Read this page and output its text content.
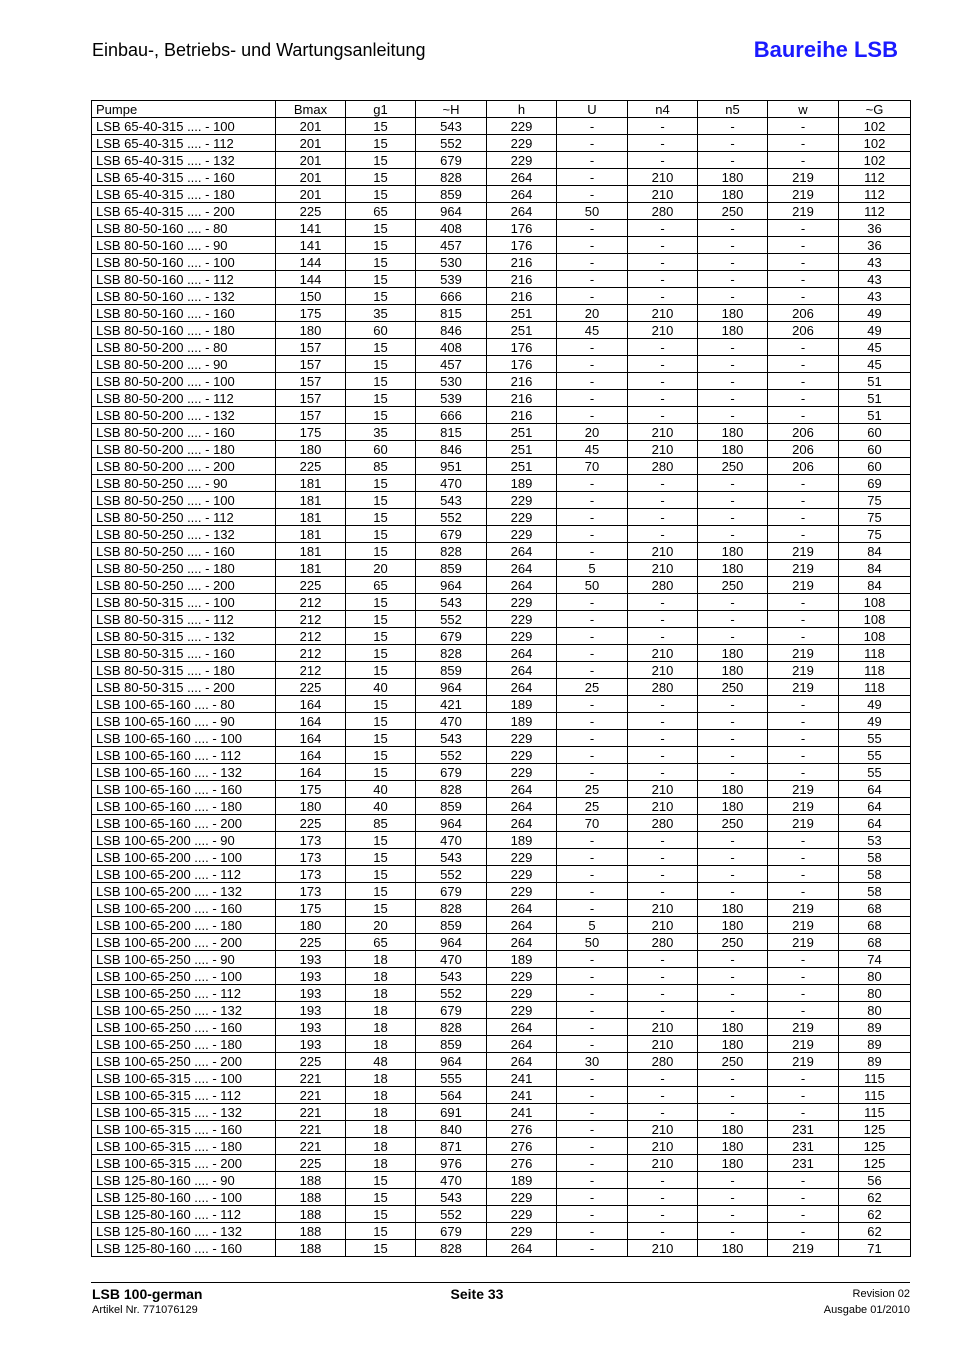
Einbau-, Betriebs- und Wartungsanleitung	Baureihe LSB
Pumpe	Bmax	g1	~H	h	U	n4	n5	w	~G
LSB 65-40-315 .... - 100	201	15	543	229	-	-	-	-	102
LSB 65-40-315 .... - 112	201	15	552	229	-	-	-	-	102
LSB 65-40-315 .... - 132	201	15	679	229	-	-	-	-	102
LSB 65-40-315 .... - 160	201	15	828	264	-	210	180	219	112
LSB 65-40-315 .... - 180	201	15	859	264	-	210	180	219	112
LSB 65-40-315 .... - 200	225	65	964	264	50	280	250	219	112
LSB 80-50-160 .... - 80	141	15	408	176	-	-	-	-	36
LSB 80-50-160 .... - 90	141	15	457	176	-	-	-	-	36
LSB 80-50-160 .... - 100	144	15	530	216	-	-	-	-	43
LSB 80-50-160 .... - 112	144	15	539	216	-	-	-	-	43
LSB 80-50-160 .... - 132	150	15	666	216	-	-	-	-	43
LSB 80-50-160 .... - 160	175	35	815	251	20	210	180	206	49
LSB 80-50-160 .... - 180	180	60	846	251	45	210	180	206	49
LSB 80-50-200 .... - 80	157	15	408	176	-	-	-	-	45
LSB 80-50-200 .... - 90	157	15	457	176	-	-	-	-	45
LSB 80-50-200 .... - 100	157	15	530	216	-	-	-	-	51
LSB 80-50-200 .... - 112	157	15	539	216	-	-	-	-	51
LSB 80-50-200 .... - 132	157	15	666	216	-	-	-	-	51
LSB 80-50-200 .... - 160	175	35	815	251	20	210	180	206	60
LSB 80-50-200 .... - 180	180	60	846	251	45	210	180	206	60
LSB 80-50-200 .... - 200	225	85	951	251	70	280	250	206	60
LSB 80-50-250 .... - 90	181	15	470	189	-	-	-	-	69
LSB 80-50-250 .... - 100	181	15	543	229	-	-	-	-	75
LSB 80-50-250 .... - 112	181	15	552	229	-	-	-	-	75
LSB 80-50-250 .... - 132	181	15	679	229	-	-	-	-	75
LSB 80-50-250 .... - 160	181	15	828	264	-	210	180	219	84
LSB 80-50-250 .... - 180	181	20	859	264	5	210	180	219	84
LSB 80-50-250 .... - 200	225	65	964	264	50	280	250	219	84
LSB 80-50-315 .... - 100	212	15	543	229	-	-	-	-	108
LSB 80-50-315 .... - 112	212	15	552	229	-	-	-	-	108
LSB 80-50-315 .... - 132	212	15	679	229	-	-	-	-	108
LSB 80-50-315 .... - 160	212	15	828	264	-	210	180	219	118
LSB 80-50-315 .... - 180	212	15	859	264	-	210	180	219	118
LSB 80-50-315 .... - 200	225	40	964	264	25	280	250	219	118
LSB 100-65-160 .... - 80	164	15	421	189	-	-	-	-	49
LSB 100-65-160 .... - 90	164	15	470	189	-	-	-	-	49
LSB 100-65-160 .... - 100	164	15	543	229	-	-	-	-	55
LSB 100-65-160 .... - 112	164	15	552	229	-	-	-	-	55
LSB 100-65-160 .... - 132	164	15	679	229	-	-	-	-	55
LSB 100-65-160 .... - 160	175	40	828	264	25	210	180	219	64
LSB 100-65-160 .... - 180	180	40	859	264	25	210	180	219	64
LSB 100-65-160 .... - 200	225	85	964	264	70	280	250	219	64
LSB 100-65-200 .... - 90	173	15	470	189	-	-	-	-	53
LSB 100-65-200 .... - 100	173	15	543	229	-	-	-	-	58
LSB 100-65-200 .... - 112	173	15	552	229	-	-	-	-	58
LSB 100-65-200 .... - 132	173	15	679	229	-	-	-	-	58
LSB 100-65-200 .... - 160	175	15	828	264	-	210	180	219	68
LSB 100-65-200 .... - 180	180	20	859	264	5	210	180	219	68
LSB 100-65-200 .... - 200	225	65	964	264	50	280	250	219	68
LSB 100-65-250 .... - 90	193	18	470	189	-	-	-	-	74
LSB 100-65-250 .... - 100	193	18	543	229	-	-	-	-	80
LSB 100-65-250 .... - 112	193	18	552	229	-	-	-	-	80
LSB 100-65-250 .... - 132	193	18	679	229	-	-	-	-	80
LSB 100-65-250 .... - 160	193	18	828	264	-	210	180	219	89
LSB 100-65-250 .... - 180	193	18	859	264	-	210	180	219	89
LSB 100-65-250 .... - 200	225	48	964	264	30	280	250	219	89
LSB 100-65-315 .... - 100	221	18	555	241	-	-	-	-	115
LSB 100-65-315 .... - 112	221	18	564	241	-	-	-	-	115
LSB 100-65-315 .... - 132	221	18	691	241	-	-	-	-	115
LSB 100-65-315 .... - 160	221	18	840	276	-	210	180	231	125
LSB 100-65-315 .... - 180	221	18	871	276	-	210	180	231	125
LSB 100-65-315 .... - 200	225	18	976	276	-	210	180	231	125
LSB 125-80-160 .... - 90	188	15	470	189	-	-	-	-	56
LSB 125-80-160 .... - 100	188	15	543	229	-	-	-	-	62
LSB 125-80-160 .... - 112	188	15	552	229	-	-	-	-	62
LSB 125-80-160 .... - 132	188	15	679	229	-	-	-	-	62
LSB 125-80-160 .... - 160	188	15	828	264	-	210	180	219	71
LSB 100-german
Artikel Nr. 771076129
Seite 33	Revision 02
Ausgabe 01/2010
